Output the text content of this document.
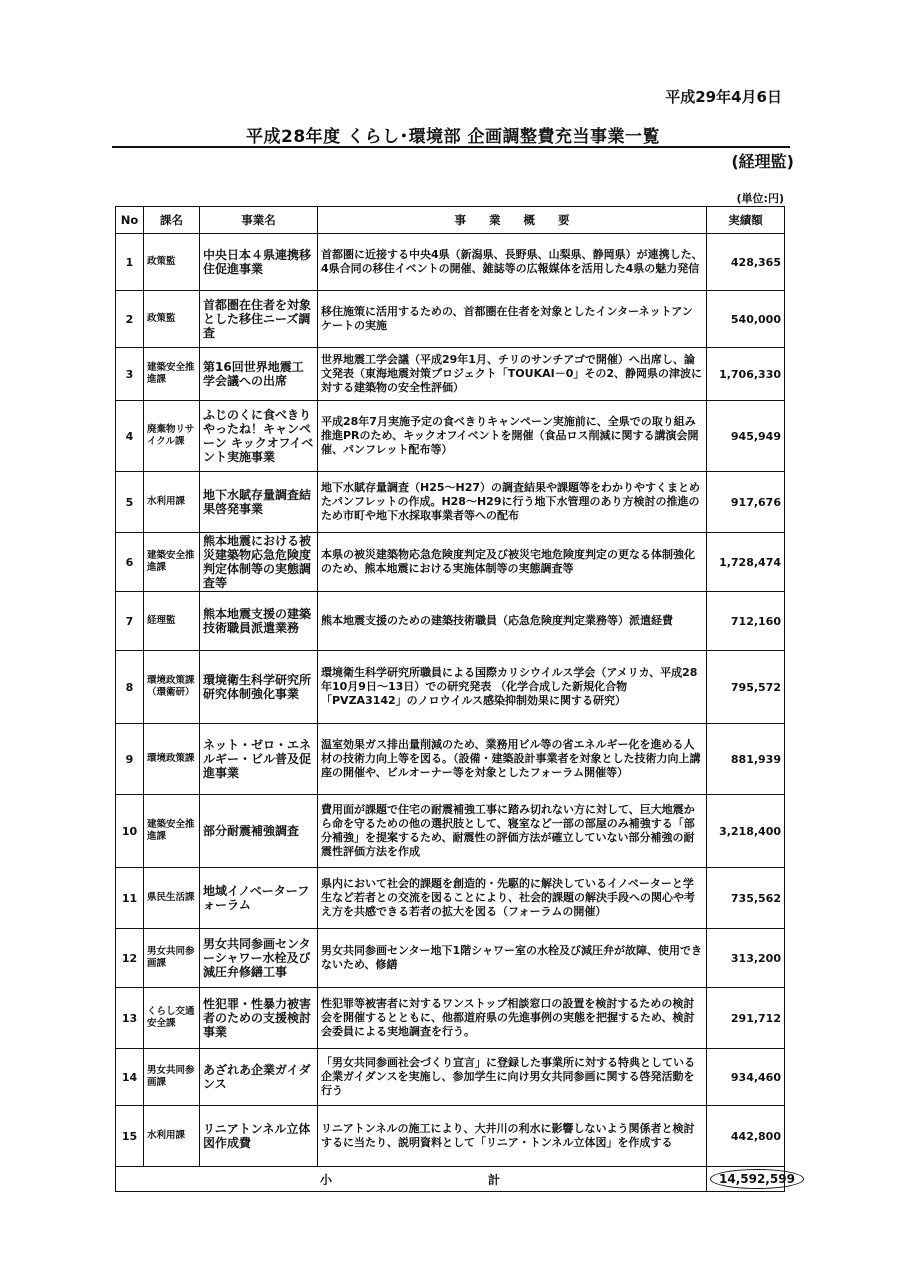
平成29年4月6日
平成28年度 くらし･環境部 企画調整費充当事業一覧
(経理監)
(単位:円)
No	課名	事業名	事　　業　　概　　要	実績額
1	政策監	中央日本４県連携移住促進事業	首都圏に近接する中央4県（新潟県、長野県、山梨県、静岡県）が連携した、4県合同の移住イベントの開催、雑誌等の広報媒体を活用した4県の魅力発信	428,365
2	政策監	首都圏在住者を対象とした移住ニーズ調査	移住施策に活用するための、首都圏在住者を対象としたインターネットアンケートの実施	540,000
3	建築安全推進課	第16回世界地震工学会議への出席	世界地震工学会議（平成29年1月、チリのサンチアゴで開催）へ出席し、論文発表（東海地震対策プロジェクト「TOUKAI－0」その2、静岡県の津波に対する建築物の安全性評価）	1,706,330
4	廃棄物リサイクル課	ふじのくに食べきりやったね！キャンペーン キックオフイベント実施事業	平成28年7月実施予定の食べきりキャンペーン実施前に、全県での取り組み推進PRのため、キックオフイベントを開催（食品ロス削減に関する講演会開催、パンフレット配布等）	945,949
5	水利用課	地下水賦存量調査結果啓発事業	地下水賦存量調査（H25～H27）の調査結果や課題等をわかりやすくまとめたパンフレットの作成。H28～H29に行う地下水管理のあり方検討の推進のため市町や地下水採取事業者等への配布	917,676
6	建築安全推進課	熊本地震における被災建築物応急危険度判定体制等の実態調査等	本県の被災建築物応急危険度判定及び被災宅地危険度判定の更なる体制強化のため、熊本地震における実施体制等の実態調査等	1,728,474
7	経理監	熊本地震支援の建築技術職員派遣業務	熊本地震支援のための建築技術職員（応急危険度判定業務等）派遣経費	712,160
8	環境政策課（環衛研）	環境衛生科学研究所研究体制強化事業	環境衛生科学研究所職員による国際カリシウイルス学会（アメリカ、平成28年10月9日～13日）での研究発表 （化学合成した新規化合物「PVZA3142」のノロウイルス感染抑制効果に関する研究）	795,572
9	環境政策課	ネット・ゼロ・エネルギー・ビル普及促進事業	温室効果ガス排出量削減のため、業務用ビル等の省エネルギー化を進める人材の技術力向上等を図る。（設備・建築設計事業者を対象とした技術力向上講座の開催や、ビルオーナー等を対象としたフォーラム開催等）	881,939
10	建築安全推進課	部分耐震補強調査	費用面が課題で住宅の耐震補強工事に踏み切れない方に対して、巨大地震から命を守るための他の選択肢として、寝室など一部の部屋のみ補強する「部分補強」を提案するため、耐震性の評価方法が確立していない部分補強の耐震性評価方法を作成	3,218,400
11	県民生活課	地域イノベーターフォーラム	県内において社会的課題を創造的・先駆的に解決しているイノベーターと学生など若者との交流を図ることにより、社会的課題の解決手段への関心や考え方を共感できる若者の拡大を図る（フォーラムの開催）	735,562
12	男女共同参画課	男女共同参画センターシャワー水栓及び減圧弁修繕工事	男女共同参画センター地下1階シャワー室の水栓及び減圧弁が故障、使用できないため、修繕	313,200
13	くらし交通安全課	性犯罪・性暴力被害者のための支援検討事業	性犯罪等被害者に対するワンストップ相談窓口の設置を検討するための検討会を開催するとともに、他都道府県の先進事例の実態を把握するため、検討会委員による実地調査を行う。	291,712
14	男女共同参画課	あざれあ企業ガイダンス	「男女共同参画社会づくり宣言」に登録した事業所に対する特典としている企業ガイダンスを実施し、参加学生に向け男女共同参画に関する啓発活動を行う	934,460
15	水利用課	リニアトンネル立体図作成費	リニアトンネルの施工により、大井川の利水に影響しないよう関係者と検討するに当たり、説明資料として「リニア・トンネル立体図」を作成する	442,800
小　　　　　　　　　　　計				14,592,599
